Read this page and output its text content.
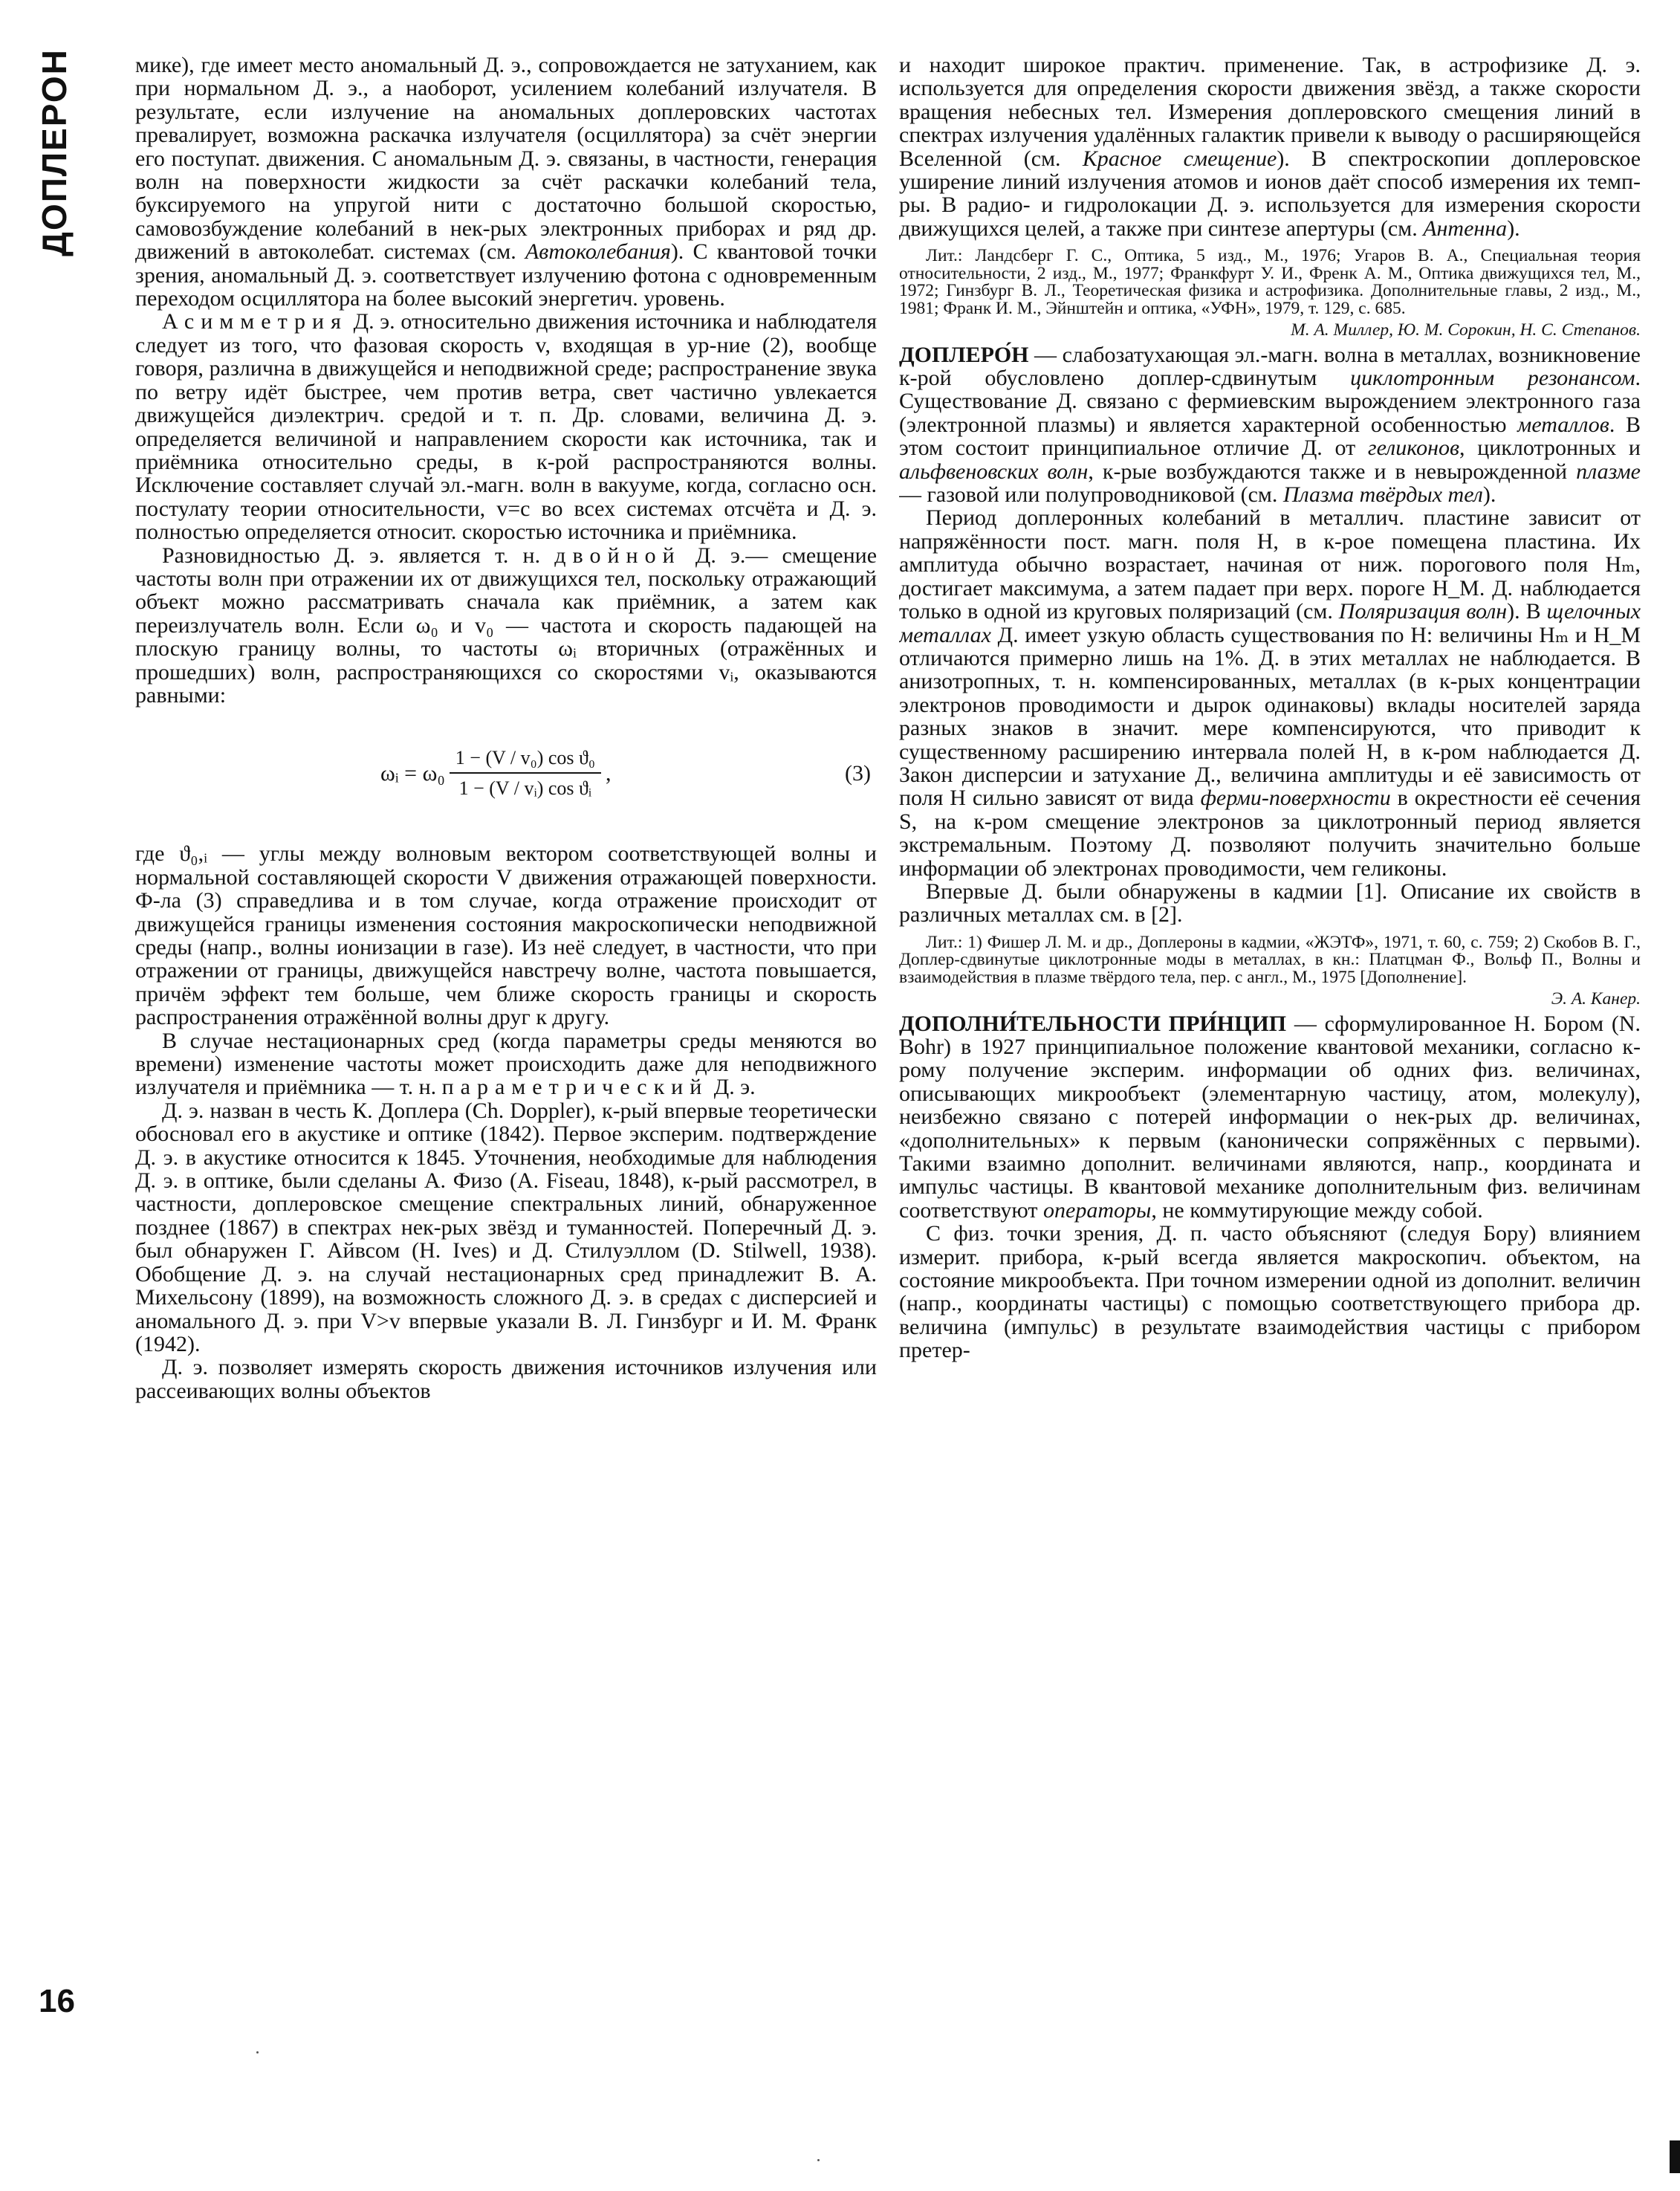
ДОПЛЕРОН
16

мике), где имеет место аномальный Д. э., сопровождается не затуханием, как при нормальном Д. э., а наоборот, усилением колебаний излучателя. В результате, если излучение на аномальных доплеровских частотах превалирует, возможна раскачка излучателя (осциллятора) за счёт энергии его поступат. движения. С аномальным Д. э. связаны, в частности, генерация волн на поверхности жидкости за счёт раскачки колебаний тела, буксируемого на упругой нити с достаточно большой скоростью, самовозбуждение колебаний в нек-рых электронных приборах и ряд др. движений в автоколебат. системах (см. Автоколебания). С квантовой точки зрения, аномальный Д. э. соответствует излучению фотона с одновременным переходом осциллятора на более высокий энергетич. уровень.

Асимметрия Д. э. относительно движения источника и наблюдателя следует из того, что фазовая скорость v, входящая в ур-ние (2), вообще говоря, различна в движущейся и неподвижной среде; распространение звука по ветру идёт быстрее, чем против ветра, свет частично увлекается движущейся диэлектрич. средой и т. п. Др. словами, величина Д. э. определяется величиной и направлением скорости как источника, так и приёмника относительно среды, в к-рой распространяются волны. Исключение составляет случай эл.-магн. волн в вакууме, когда, согласно осн. постулату теории относительности, v=c во всех системах отсчёта и Д. э. полностью определяется относит. скоростью источника и приёмника.

Разновидностью Д. э. является т. н. двойной Д. э.— смещение частоты волн при отражении их от движущихся тел, поскольку отражающий объект можно рассматривать сначала как приёмник, а затем как переизлучатель волн. Если ω₀ и v₀ — частота и скорость падающей на плоскую границу волны, то частоты ωᵢ вторичных (отражённых и прошедших) волн, распространяющихся со скоростями vᵢ, оказываются равными:

ωᵢ = $\omega_0 \frac{\text{1 − (V / v₀) cos ϑ₀}}{\text{1 − (V / vᵢ) cos ϑᵢ}}$ ,	(3)

где ϑ₀,ᵢ — углы между волновым вектором соответствующей волны и нормальной составляющей скорости V движения отражающей поверхности. Ф-ла (3) справедлива и в том случае, когда отражение происходит от движущейся границы изменения состояния макроскопически неподвижной среды (напр., волны ионизации в газе). Из неё следует, в частности, что при отражении от границы, движущейся навстречу волне, частота повышается, причём эффект тем больше, чем ближе скорость границы и скорость распространения отражённой волны друг к другу.

В случае нестационарных сред (когда параметры среды меняются во времени) изменение частоты может происходить даже для неподвижного излучателя и приёмника — т. н. параметрический Д. э.

Д. э. назван в честь К. Доплера (Ch. Doppler), к-рый впервые теоретически обосновал его в акустике и оптике (1842). Первое эксперим. подтверждение Д. э. в акустике относится к 1845. Уточнения, необходимые для наблюдения Д. э. в оптике, были сделаны А. Физо (A. Fiseau, 1848), к-рый рассмотрел, в частности, доплеровское смещение спектральных линий, обнаруженное позднее (1867) в спектрах нек-рых звёзд и туманностей. Поперечный Д. э. был обнаружен Г. Айвсом (H. Ives) и Д. Стилуэллом (D. Stilwell, 1938). Обобщение Д. э. на случай нестационарных сред принадлежит В. А. Михельсону (1899), на возможность сложного Д. э. в средах с дисперсией и аномального Д. э. при V>v впервые указали В. Л. Гинзбург и И. М. Франк (1942).

Д. э. позволяет измерять скорость движения источников излучения или рассеивающих волны объектов

и находит широкое практич. применение. Так, в астрофизике Д. э. используется для определения скорости движения звёзд, а также скорости вращения небесных тел. Измерения доплеровского смещения линий в спектрах излучения удалённых галактик привели к выводу о расширяющейся Вселенной (см. Красное смещение). В спектроскопии доплеровское уширение линий излучения атомов и ионов даёт способ измерения их темп-ры. В радио- и гидролокации Д. э. используется для измерения скорости движущихся целей, а также при синтезе апертуры (см. Антенна).

Лит.: Ландсберг Г. С., Оптика, 5 изд., М., 1976; Угаров В. А., Специальная теория относительности, 2 изд., М., 1977; Франкфурт У. И., Френк А. М., Оптика движущихся тел, М., 1972; Гинзбург В. Л., Теоретическая физика и астрофизика. Дополнительные главы, 2 изд., М., 1981; Франк И. М., Эйнштейн и оптика, «УФН», 1979, т. 129, с. 685.

М. А. Миллер, Ю. М. Сорокин, Н. С. Степанов.

ДОПЛЕРО́Н — слабозатухающая эл.-магн. волна в металлах, возникновение к-рой обусловлено доплер-сдвинутым циклотронным резонансом. Существование Д. связано с фермиевским вырождением электронного газа (электронной плазмы) и является характерной особенностью металлов. В этом состоит принципиальное отличие Д. от геликонов, циклотронных и альфвеновских волн, к-рые возбуждаются также и в невырожденной плазме — газовой или полупроводниковой (см. Плазма твёрдых тел).

Период доплеронных колебаний в металлич. пластине зависит от напряжённости пост. магн. поля H, в к-рое помещена пластина. Их амплитуда обычно возрастает, начиная от ниж. порогового поля Hₘ, достигает максимума, а затем падает при верх. пороге H_M. Д. наблюдается только в одной из круговых поляризаций (см. Поляризация волн). В щелочных металлах Д. имеет узкую область существования по H: величины Hₘ и H_M отличаются примерно лишь на 1%. Д. в этих металлах не наблюдается. В анизотропных, т. н. компенсированных, металлах (в к-рых концентрации электронов проводимости и дырок одинаковы) вклады носителей заряда разных знаков в значит. мере компенсируются, что приводит к существенному расширению интервала полей H, в к-ром наблюдается Д. Закон дисперсии и затухание Д., величина амплитуды и её зависимость от поля H сильно зависят от вида ферми-поверхности в окрестности её сечения S, на к-ром смещение электронов за циклотронный период является экстремальным. Поэтому Д. позволяют получить значительно больше информации об электронах проводимости, чем геликоны.

Впервые Д. были обнаружены в кадмии [1]. Описание их свойств в различных металлах см. в [2].

Лит.: 1) Фишер Л. М. и др., Доплероны в кадмии, «ЖЭТФ», 1971, т. 60, с. 759; 2) Скобов В. Г., Доплер-сдвинутые циклотронные моды в металлах, в кн.: Платцман Ф., Вольф П., Волны и взаимодействия в плазме твёрдого тела, пер. с англ., М., 1975 [Дополнение].

Э. А. Канер.

ДОПОЛНИ́ТЕЛЬНОСТИ ПРИ́НЦИП — сформулированное Н. Бором (N. Bohr) в 1927 принципиальное положение квантовой механики, согласно к-рому получение эксперим. информации об одних физ. величинах, описывающих микрообъект (элементарную частицу, атом, молекулу), неизбежно связано с потерей информации о нек-рых др. величинах, «дополнительных» к первым (канонически сопряжённых с первыми). Такими взаимно дополнит. величинами являются, напр., координата и импульс частицы. В квантовой механике дополнительным физ. величинам соответствуют операторы, не коммутирующие между собой.

С физ. точки зрения, Д. п. часто объясняют (следуя Бору) влиянием измерит. прибора, к-рый всегда является макроскопич. объектом, на состояние микрообъекта. При точном измерении одной из дополнит. величин (напр., координаты частицы) с помощью соответствующего прибора др. величина (импульс) в результате взаимодействия частицы с прибором претер-
